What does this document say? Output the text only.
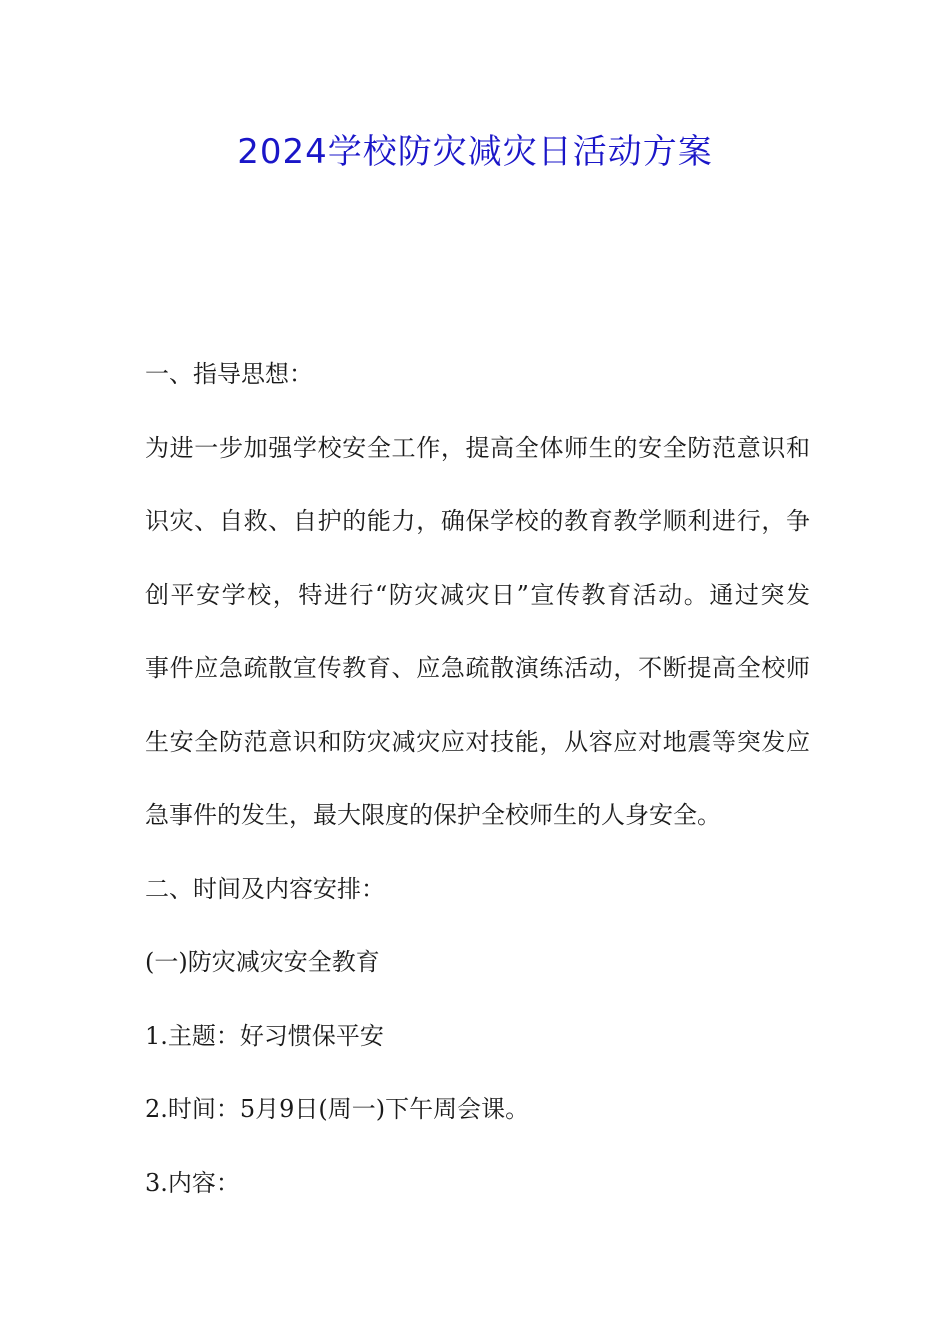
2024学校防灾减灾日活动方案
一、指导思想：
为进一步加强学校安全工作，提高全体师生的安全防范意识和
识灾、自救、自护的能力，确保学校的教育教学顺利进行，争
创平安学校，特进行“防灾减灾日”宣传教育活动。通过突发
事件应急疏散宣传教育、应急疏散演练活动，不断提高全校师
生安全防范意识和防灾减灾应对技能，从容应对地震等突发应
急事件的发生，最大限度的保护全校师生的人身安全。
二、时间及内容安排：
(一)防灾减灾安全教育
1.主题：好习惯保平安
2.时间：5月9日(周一)下午周会课。
3.内容：
